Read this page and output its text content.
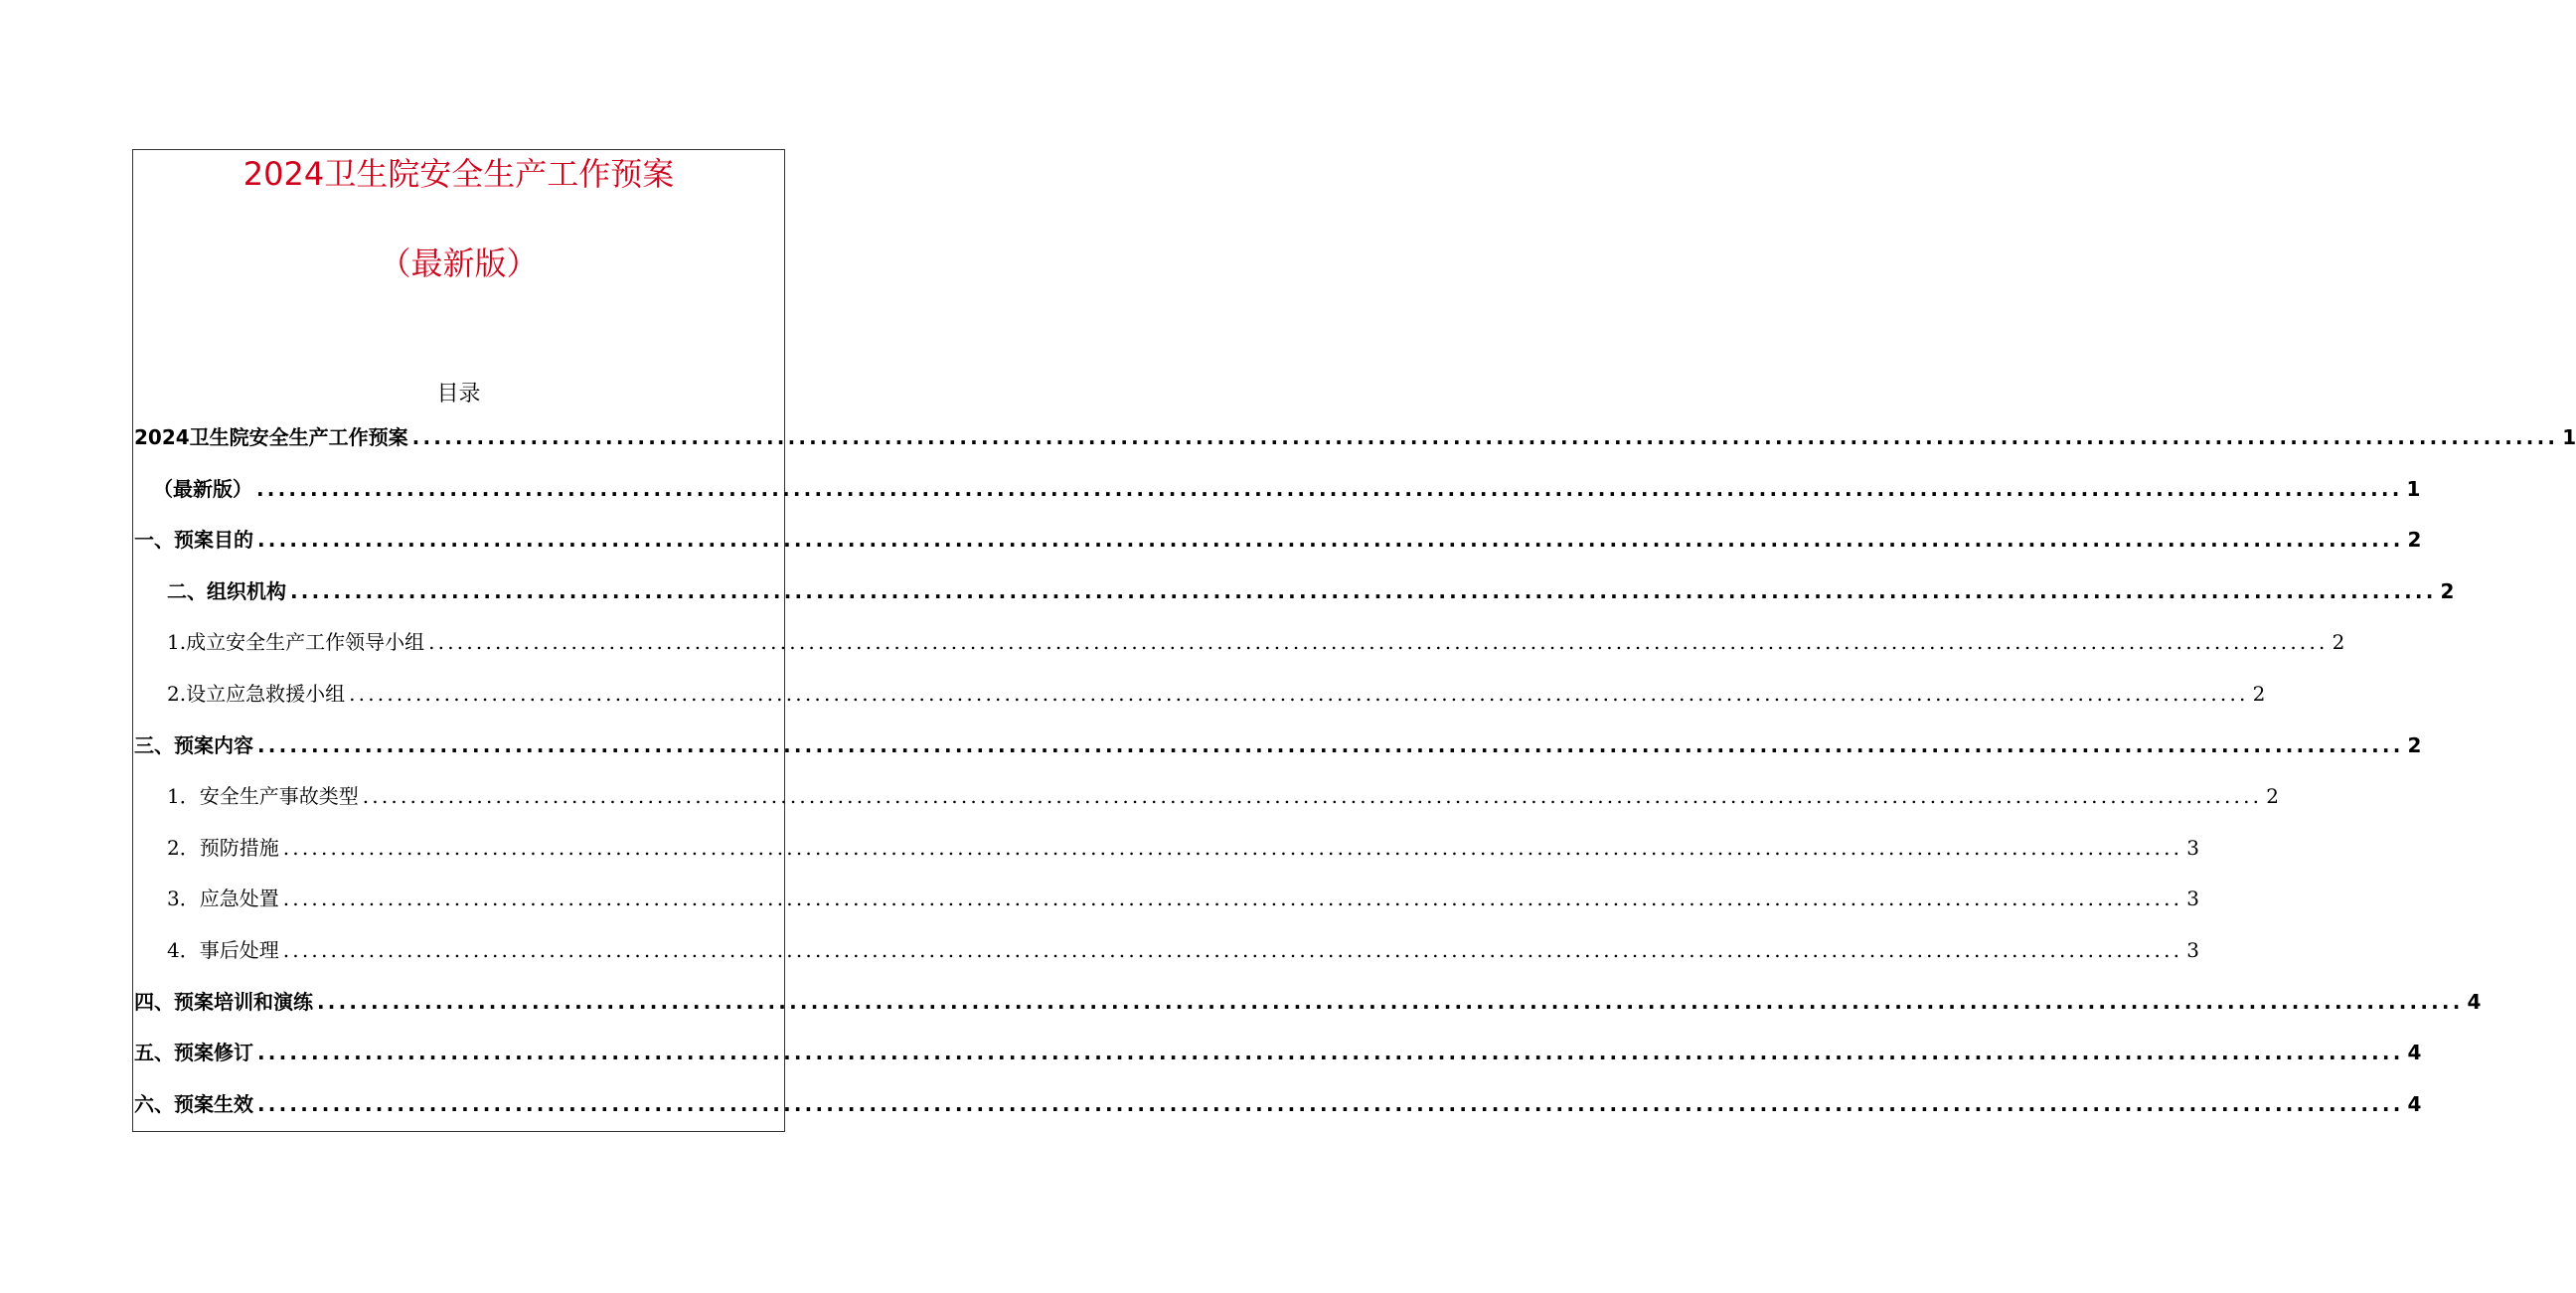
2024卫生院安全生产工作预案
（最新版）
目录
2024卫生院安全生产工作预案 ........................................................................................................................................................................................................ 1
（最新版） ........................................................................................................................................................................................................ 1
一、预案目的 ........................................................................................................................................................................................................ 2
二、组织机构 ........................................................................................................................................................................................................ 2
1.成立安全生产工作领导小组 ........................................................................................................................................................................................................ 2
2.设立应急救援小组 ........................................................................................................................................................................................................ 2
三、预案内容 ........................................................................................................................................................................................................ 2
1．安全生产事故类型 ........................................................................................................................................................................................................ 2
2．预防措施 ........................................................................................................................................................................................................ 3
3．应急处置 ........................................................................................................................................................................................................ 3
4．事后处理 ........................................................................................................................................................................................................ 3
四、预案培训和演练 ........................................................................................................................................................................................................ 4
五、预案修订 ........................................................................................................................................................................................................ 4
六、预案生效 ........................................................................................................................................................................................................ 4
